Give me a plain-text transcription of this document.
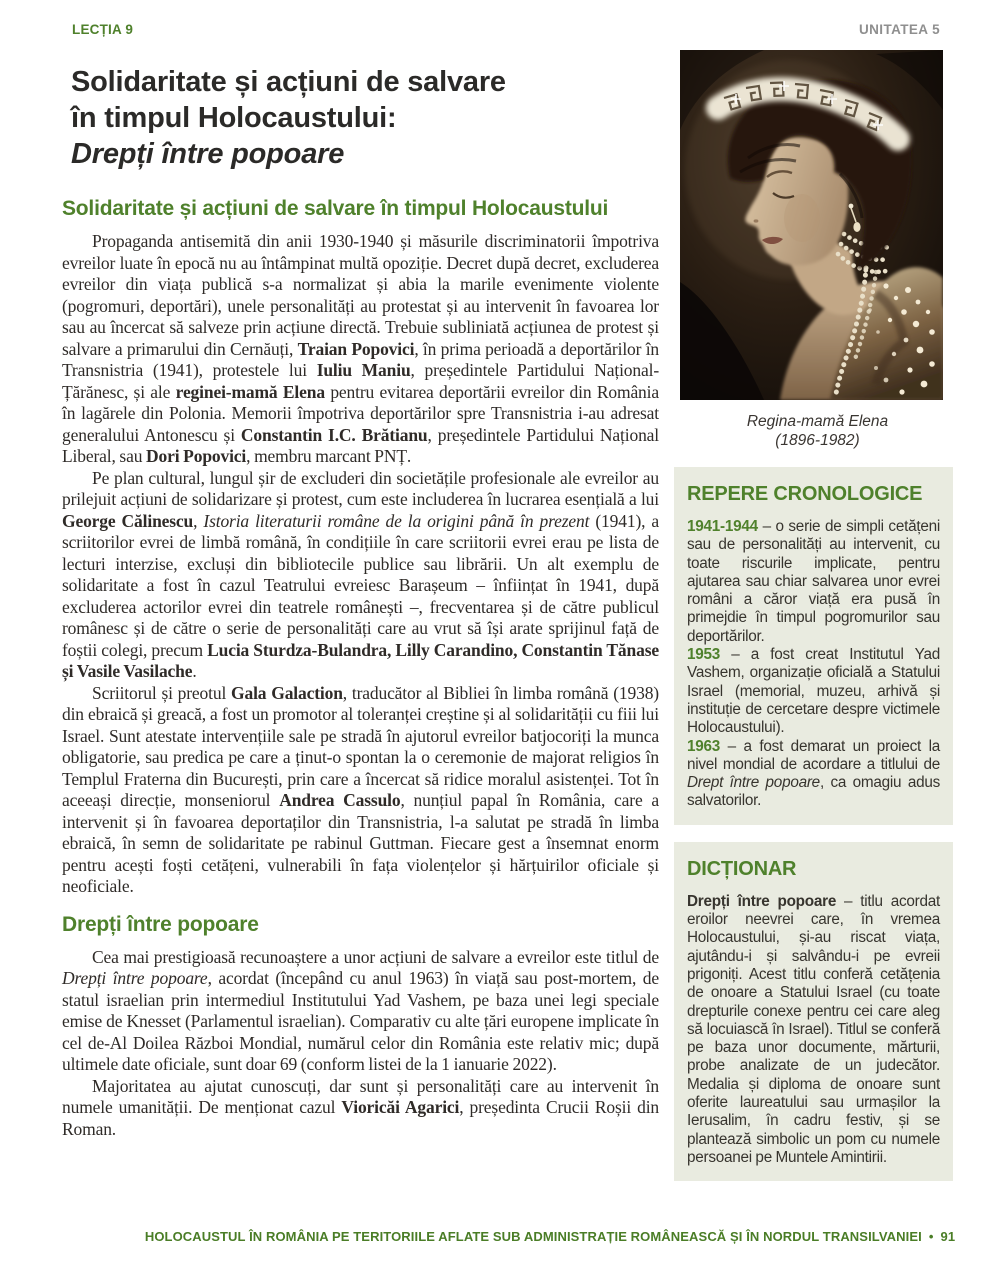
LECȚIA 9	UNITATEA 5
Solidaritate și acțiuni de salvare
în timpul Holocaustului:
Drepți între popoare
Solidaritate și acțiuni de salvare în timpul Holocaustului

Propaganda antisemită din anii 1930-1940 și măsurile discriminatorii împotriva evreilor luate în epocă nu au întâmpinat multă opoziție. Decret după decret, excluderea evreilor din viața publică s-a normalizat și abia la marile evenimente violente (pogromuri, deportări), unele personalități au protestat și au intervenit în favoarea lor sau au încercat să salveze prin acțiune directă. Trebuie subliniată acțiunea de protest și salvare a primarului din Cernăuți, Traian Popovici, în prima perioadă a deportărilor în Transnistria (1941), protestele lui Iuliu Maniu, președintele Partidului Național-Țărănesc, și ale reginei-mamă Elena pentru evitarea deportării evreilor din România în lagărele din Polonia. Memorii împotriva deportărilor spre Transnistria i-au adresat generalului Antonescu și Constantin I.C. Brătianu, președintele Partidului Național Liberal, sau Dori Popovici, membru marcant PNȚ.

Pe plan cultural, lungul șir de excluderi din societățile profesionale ale evreilor au prilejuit acțiuni de solidarizare și protest, cum este includerea în lucrarea esențială a lui George Călinescu, Istoria literaturii române de la origini până în prezent (1941), a scriitorilor evrei de limbă română, în condițiile în care scriitorii evrei erau pe lista de lecturi interzise, excluși din bibliotecile publice sau librării. Un alt exemplu de solidaritate a fost în cazul Teatrului evreiesc Barașeum – înființat în 1941, după excluderea actorilor evrei din teatrele românești –, frecventarea și de către publicul românesc și de către o serie de personalități care au vrut să își arate sprijinul față de foștii colegi, precum Lucia Sturdza-Bulandra, Lilly Carandino, Constantin Tănase și Vasile Vasilache.

Scriitorul și preotul Gala Galaction, traducător al Bibliei în limba română (1938) din ebraică și greacă, a fost un promotor al toleranței creștine și al solidarității cu fiii lui Israel. Sunt atestate intervențiile sale pe stradă în ajutorul evreilor batjocoriți la munca obligatorie, sau predica pe care a ținut-o spontan la o ceremonie de majorat religios în Templul Fraterna din București, prin care a încercat să ridice moralul asistenței. Tot în aceeași direcție, monseniorul Andrea Cassulo, nunțiul papal în România, care a intervenit și în favoarea deportaților din Transnistria, l-a salutat pe stradă în limba ebraică, în semn de solidaritate pe rabinul Guttman. Fiecare gest a însemnat enorm pentru acești foști cetățeni, vulnerabili în fața violențelor și hărțuirilor oficiale și neoficiale.

Drepți între popoare

Cea mai prestigioasă recunoaștere a unor acțiuni de salvare a evreilor este titlul de Drepți între popoare, acordat (începând cu anul 1963) în viață sau post-mortem, de statul israelian prin intermediul Institutului Yad Vashem, pe baza unei legi speciale emise de Knesset (Parlamentul israelian). Comparativ cu alte țări europene implicate în cel de-Al Doilea Război Mondial, numărul celor din România este relativ mic; după ultimele date oficiale, sunt doar 69 (conform listei de la 1 ianuarie 2022).

Majoritatea au ajutat cunoscuți, dar sunt și personalități care au intervenit în numele umanității. De menționat cazul Vioricăi Agarici, președinta Crucii Roșii din Roman.

Regina-mamă Elena
(1896-1982)
REPERE CRONOLOGICE

1941-1944 – o serie de simpli cetățeni sau de personalități au intervenit, cu toate riscurile implicate, pentru ajutarea sau chiar salvarea unor evrei români a căror viață era pusă în primejdie în timpul pogromurilor sau deportărilor.

1953 – a fost creat Institutul Yad Vashem, organizație oficială a Statului Israel (memorial, muzeu, arhivă și instituție de cercetare despre victimele Holocaustului).

1963 – a fost demarat un proiect la nivel mondial de acordare a titlului de Drept între popoare, ca omagiu adus salvatorilor.

DICȚIONAR

Drepți între popoare – titlu acordat eroilor neevrei care, în vremea Holocaustului, și-au riscat viața, ajutându-i și salvându-i pe evreii prigoniți. Acest titlu conferă cetățenia de onoare a Statului Israel (cu toate drepturile conexe pentru cei care aleg să locuiască în Israel). Titlul se conferă pe baza unor documente, mărturii, probe analizate de un judecător. Medalia și diploma de onoare sunt oferite laureatului sau urmașilor la Ierusalim, în cadru festiv, și se plantează simbolic un pom cu numele persoanei pe Muntele Amintirii.

HOLOCAUSTUL ÎN ROMÂNIA PE TERITORIILE AFLATE SUB ADMINISTRAȚIE ROMÂNEASCĂ ȘI ÎN NORDUL TRANSILVANIEI • 91
